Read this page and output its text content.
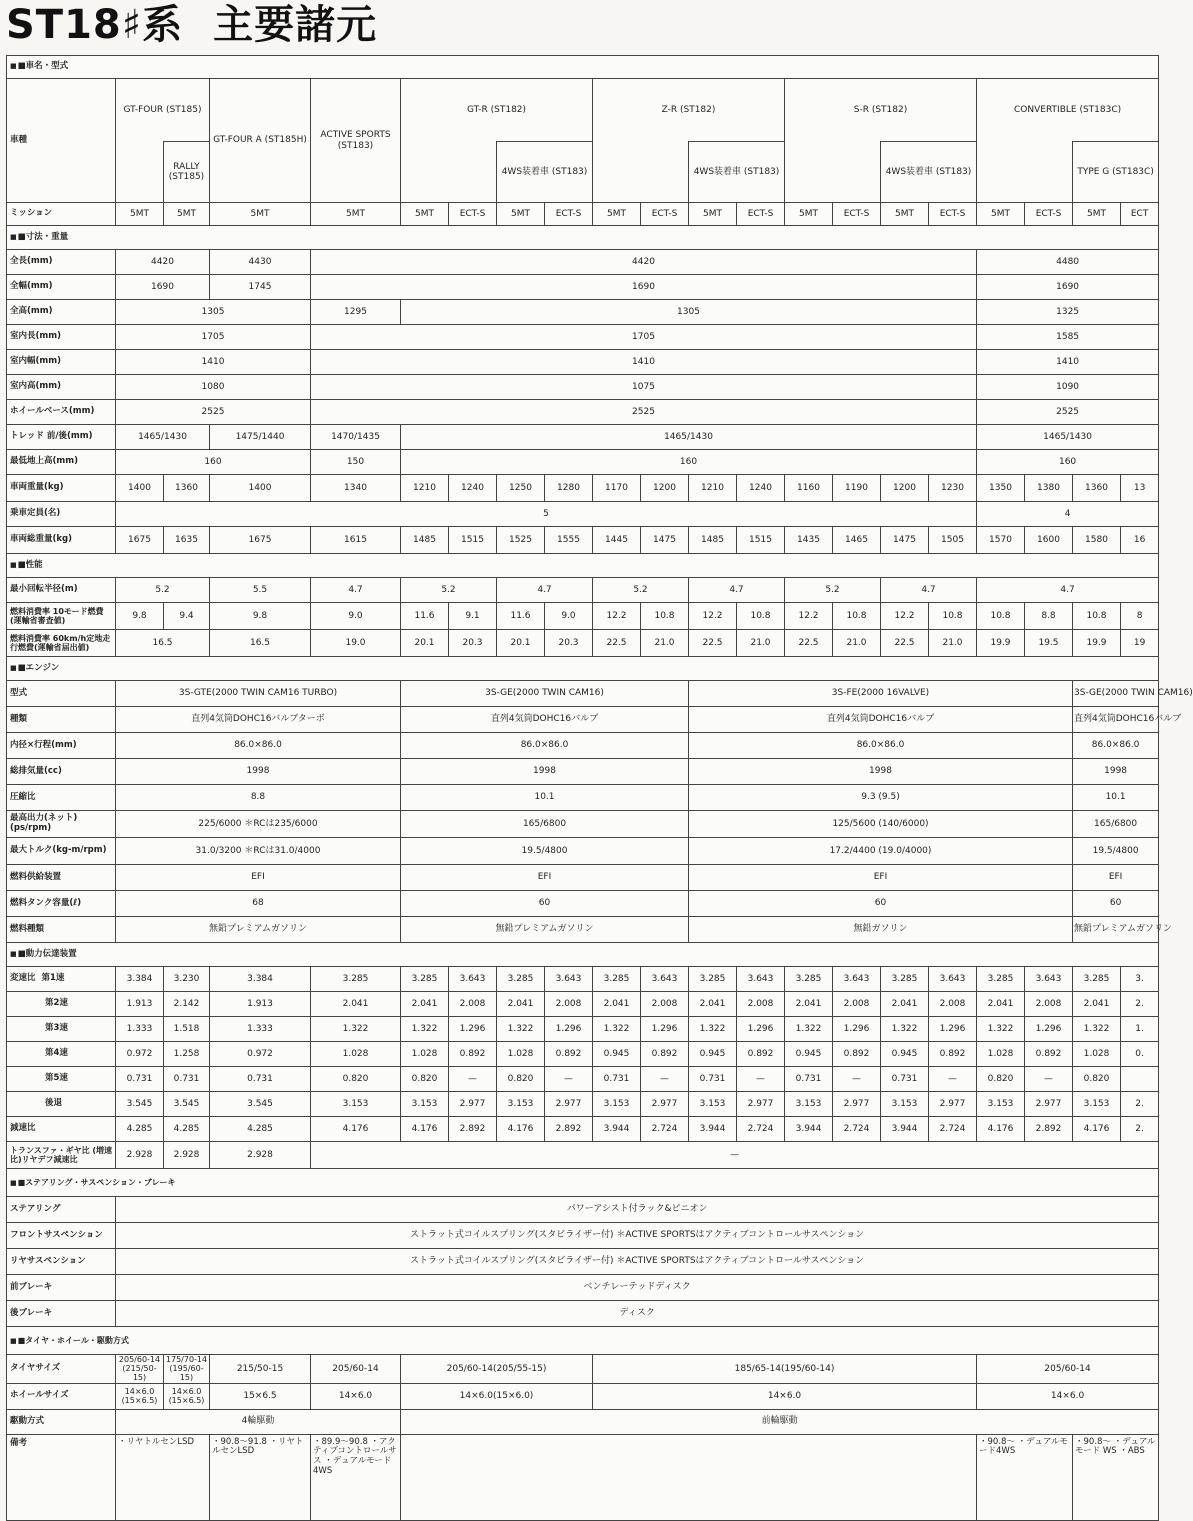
ST18♯系 主要諸元
■ ■車名・型式
車種	GT-FOUR (ST185)		GT-FOUR A (ST185H)	ACTIVE SPORTS (ST183)	GT-R (ST182)				Z-R (ST182)				S-R (ST182)				CONVERTIBLE (ST183C)			
		RALLY (ST185)					4WS装着車 (ST183)				4WS装着車 (ST183)				4WS装着車 (ST183)				TYPE G (ST183C)	
ミッション	5MT	5MT	5MT	5MT	5MT	ECT-S	5MT	ECT-S	5MT	ECT-S	5MT	ECT-S	5MT	ECT-S	5MT	ECT-S	5MT	ECT-S	5MT	ECT
■ ■寸法・重量
全長(mm)	4420		4430	4420													4480			
全幅(mm)	1690		1745	1690													1690			
全高(mm)	1305			1295	1305												1325			
室内長(mm)	1705			1705													1585			
室内幅(mm)	1410			1410													1410			
室内高(mm)	1080			1075													1090			
ホイールベース(mm)	2525			2525													2525			
トレッド 前/後(mm)	1465/1430		1475/1440	1470/1435	1465/1430												1465/1430			
最低地上高(mm)	160			150	160												160			
車両重量(kg)	1400	1360	1400	1340	1210	1240	1250	1280	1170	1200	1210	1240	1160	1190	1200	1230	1350	1380	1360	13
乗車定員(名)	5																4			
車両総重量(kg)	1675	1635	1675	1615	1485	1515	1525	1555	1445	1475	1485	1515	1435	1465	1475	1505	1570	1600	1580	16
■ ■性能
最小回転半径(m)	5.2		5.5	4.7	5.2		4.7		5.2		4.7		5.2		4.7		4.7			
燃料消費率 10モード燃費 (運輸省審査値)	9.8	9.4	9.8	9.0	11.6	9.1	11.6	9.0	12.2	10.8	12.2	10.8	12.2	10.8	12.2	10.8	10.8	8.8	10.8	8
燃料消費率 60km/h定地走行燃費(運輸省届出値)	16.5		16.5	19.0	20.1	20.3	20.1	20.3	22.5	21.0	22.5	21.0	22.5	21.0	22.5	21.0	19.9	19.5	19.9	19
■ ■エンジン
型式	3S-GTE(2000 TWIN CAM16 TURBO)				3S-GE(2000 TWIN CAM16)						3S-FE(2000 16VALVE)								3S-GE(2000 TWIN CAM16)	
種類	直列4気筒DOHC16バルブターボ				直列4気筒DOHC16バルブ						直列4気筒DOHC16バルブ								直列4気筒DOHC16バルブ	
内径×行程(mm)	86.0×86.0				86.0×86.0						86.0×86.0								86.0×86.0	
総排気量(cc)	1998				1998						1998								1998	
圧縮比	8.8				10.1						9.3 (9.5)								10.1	
最高出力(ネット) (ps/rpm)	225/6000 ＊RCは235/6000				165/6800						125/5600 (140/6000)								165/6800	
最大トルク(kg-m/rpm)	31.0/3200 ＊RCは31.0/4000				19.5/4800						17.2/4400 (19.0/4000)								19.5/4800	
燃料供給装置	EFI				EFI						EFI								EFI	
燃料タンク容量(ℓ)	68				60						60								60	
燃料種類	無鉛プレミアムガソリン				無鉛プレミアムガソリン						無鉛ガソリン								無鉛プレミアムガソリン	
■ ■動力伝達装置
変速比 第1速	3.384	3.230	3.384	3.285	3.285	3.643	3.285	3.643	3.285	3.643	3.285	3.643	3.285	3.643	3.285	3.643	3.285	3.643	3.285	3.
第2速	1.913	2.142	1.913	2.041	2.041	2.008	2.041	2.008	2.041	2.008	2.041	2.008	2.041	2.008	2.041	2.008	2.041	2.008	2.041	2.
第3速	1.333	1.518	1.333	1.322	1.322	1.296	1.322	1.296	1.322	1.296	1.322	1.296	1.322	1.296	1.322	1.296	1.322	1.296	1.322	1.
第4速	0.972	1.258	0.972	1.028	1.028	0.892	1.028	0.892	0.945	0.892	0.945	0.892	0.945	0.892	0.945	0.892	1.028	0.892	1.028	0.
第5速	0.731	0.731	0.731	0.820	0.820	—	0.820	—	0.731	—	0.731	—	0.731	—	0.731	—	0.820	—	0.820	
後退	3.545	3.545	3.545	3.153	3.153	2.977	3.153	2.977	3.153	2.977	3.153	2.977	3.153	2.977	3.153	2.977	3.153	2.977	3.153	2.
減速比	4.285	4.285	4.285	4.176	4.176	2.892	4.176	2.892	3.944	2.724	3.944	2.724	3.944	2.724	3.944	2.724	4.176	2.892	4.176	2.
トランスファ・ギヤ比 (増速比)リヤデフ減速比	2.928	2.928	2.928	—																
■ ■ステアリング・サスペンション・ブレーキ
ステアリング	パワーアシスト付ラック&ピニオン																			
フロントサスペンション	ストラット式コイルスプリング(スタビライザー付) ＊ACTIVE SPORTSはアクティブコントロールサスペンション																			
リヤサスペンション	ストラット式コイルスプリング(スタビライザー付) ＊ACTIVE SPORTSはアクティブコントロールサスペンション																			
前ブレーキ	ベンチレーテッドディスク																			
後ブレーキ	ディスク																			
■ ■タイヤ・ホイール・駆動方式
タイヤサイズ	205/60-14 (215/50-15)	175/70-14 (195/60-15)	215/50-15	205/60-14	205/60-14(205/55-15)				185/65-14(195/60-14)								205/60-14			
ホイールサイズ	14×6.0 (15×6.5)	14×6.0 (15×6.5)	15×6.5	14×6.0	14×6.0(15×6.0)				14×6.0								14×6.0			
駆動方式	4輪駆動				前輪駆動															
備考	・リヤトルセンLSD		・90.8～91.8 ・リヤトルセンLSD	・89.9～90.8 ・アクティブコントロールサス ・デュアルモード4WS													・90.8～ ・デュアルモード4WS		・90.8～ ・デュアルモード WS ・ABS	
